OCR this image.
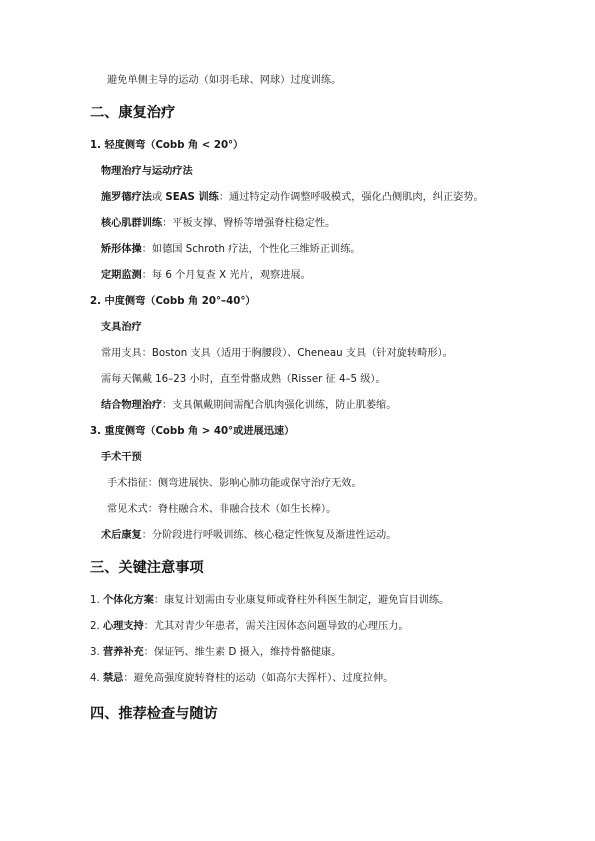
避免单侧主导的运动（如羽毛球、网球）过度训练。
二、康复治疗
1. 轻度侧弯（Cobb 角 < 20°）
物理治疗与运动疗法
施罗德疗法或 SEAS 训练：通过特定动作调整呼吸模式，强化凸侧肌肉，纠正姿势。
核心肌群训练：平板支撑、臀桥等增强脊柱稳定性。
矫形体操：如德国 Schroth 疗法，个性化三维矫正训练。
定期监测：每 6 个月复查 X 光片，观察进展。
2. 中度侧弯（Cobb 角 20°–40°）
支具治疗
常用支具：Boston 支具（适用于胸腰段）、Cheneau 支具（针对旋转畸形）。
需每天佩戴 16–23 小时，直至骨骼成熟（Risser 征 4–5 级）。
结合物理治疗：支具佩戴期间需配合肌肉强化训练，防止肌萎缩。
3. 重度侧弯（Cobb 角 > 40°或进展迅速）
手术干预
手术指征：侧弯进展快、影响心肺功能或保守治疗无效。
常见术式：脊柱融合术、非融合技术（如生长棒）。
术后康复：分阶段进行呼吸训练、核心稳定性恢复及渐进性运动。
三、关键注意事项
1. 个体化方案：康复计划需由专业康复师或脊柱外科医生制定，避免盲目训练。
2. 心理支持：尤其对青少年患者，需关注因体态问题导致的心理压力。
3. 营养补充：保证钙、维生素 D 摄入，维持骨骼健康。
4. 禁忌：避免高强度旋转脊柱的运动（如高尔夫挥杆）、过度拉伸。
四、推荐检查与随访
